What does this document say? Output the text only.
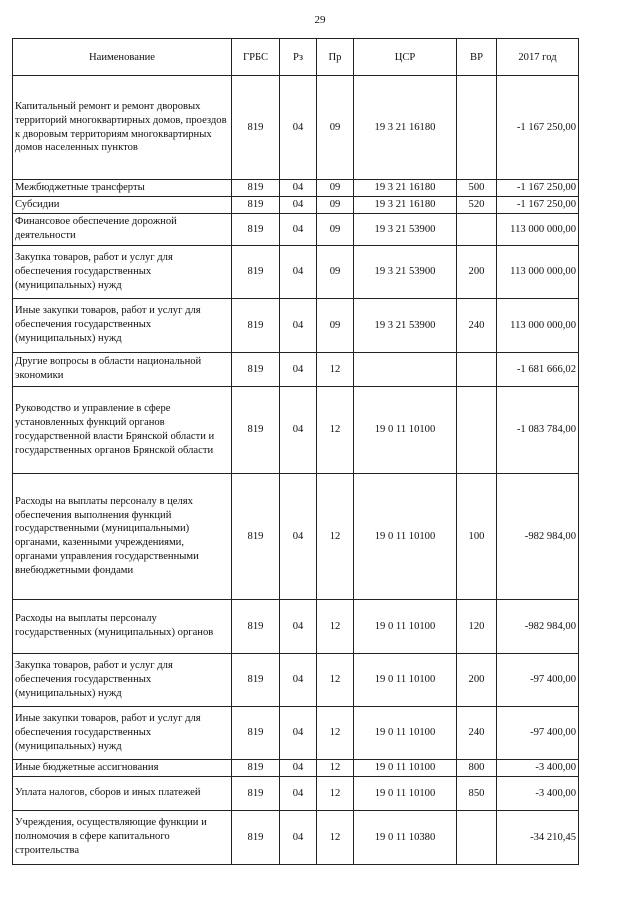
29
Наименование	ГРБС	Рз	Пр	ЦСР	ВР	2017 год
Капитальный ремонт и ремонт дворовых территорий многоквартирных домов, проездов к дворовым территориям многоквартирных домов населенных пунктов	819	04	09	19 3 21 16180		-1 167 250,00
Межбюджетные трансферты	819	04	09	19 3 21 16180	500	-1 167 250,00
Субсидии	819	04	09	19 3 21 16180	520	-1 167 250,00
Финансовое обеспечение дорожной деятельности	819	04	09	19 3 21 53900		113 000 000,00
Закупка товаров, работ и услуг для обеспечения государственных (муниципальных) нужд	819	04	09	19 3 21 53900	200	113 000 000,00
Иные закупки товаров, работ и услуг для обеспечения государственных (муниципальных) нужд	819	04	09	19 3 21 53900	240	113 000 000,00
Другие вопросы в области национальной экономики	819	04	12			-1 681 666,02
Руководство и управление в сфере установленных функций органов государственной власти Брянской области и государственных органов Брянской области	819	04	12	19 0 11 10100		-1 083 784,00
Расходы на выплаты персоналу в целях обеспечения выполнения функций государственными (муниципальными) органами, казенными учреждениями, органами управления государственными внебюджетными фондами	819	04	12	19 0 11 10100	100	-982 984,00
Расходы на выплаты персоналу государственных (муниципальных) органов	819	04	12	19 0 11 10100	120	-982 984,00
Закупка товаров, работ и услуг для обеспечения государственных (муниципальных) нужд	819	04	12	19 0 11 10100	200	-97 400,00
Иные закупки товаров, работ и услуг для обеспечения государственных (муниципальных) нужд	819	04	12	19 0 11 10100	240	-97 400,00
Иные бюджетные ассигнования	819	04	12	19 0 11 10100	800	-3 400,00
Уплата налогов, сборов и иных платежей	819	04	12	19 0 11 10100	850	-3 400,00
Учреждения, осуществляющие функции и полномочия в сфере капитального строительства	819	04	12	19 0 11 10380		-34 210,45
